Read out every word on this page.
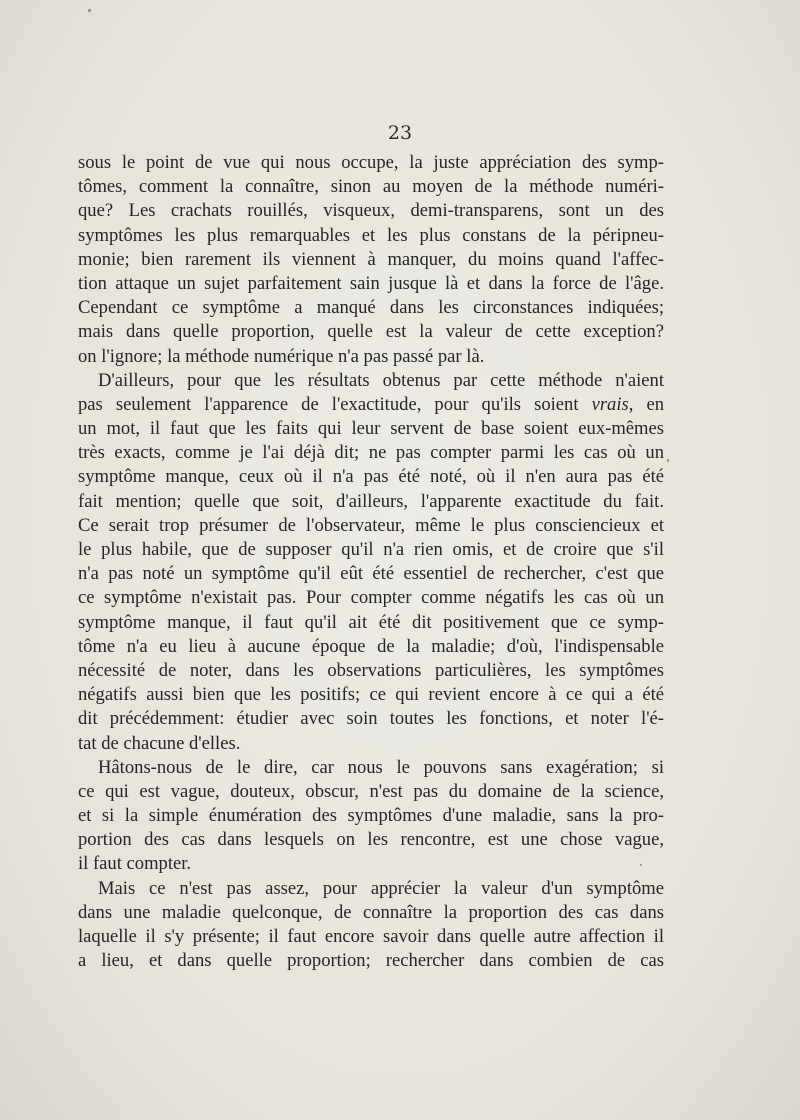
23
sous le point de vue qui nous occupe, la juste appréciation des symp-
tômes, comment la connaître, sinon au moyen de la méthode numéri-
que? Les crachats rouillés, visqueux, demi-transparens, sont un des
symptômes les plus remarquables et les plus constans de la péripneu-
monie; bien rarement ils viennent à manquer, du moins quand l'affec-
tion attaque un sujet parfaitement sain jusque là et dans la force de l'âge.
Cependant ce symptôme a manqué dans les circonstances indiquées;
mais dans quelle proportion, quelle est la valeur de cette exception?
on l'ignore; la méthode numérique n'a pas passé par là.
D'ailleurs, pour que les résultats obtenus par cette méthode n'aient
pas seulement l'apparence de l'exactitude, pour qu'ils soient vrais, en
un mot, il faut que les faits qui leur servent de base soient eux-mêmes
très exacts, comme je l'ai déjà dit; ne pas compter parmi les cas où un
symptôme manque, ceux où il n'a pas été noté, où il n'en aura pas été
fait mention; quelle que soit, d'ailleurs, l'apparente exactitude du fait.
Ce serait trop présumer de l'observateur, même le plus consciencieux et
le plus habile, que de supposer qu'il n'a rien omis, et de croire que s'il
n'a pas noté un symptôme qu'il eût été essentiel de rechercher, c'est que
ce symptôme n'existait pas. Pour compter comme négatifs les cas où un
symptôme manque, il faut qu'il ait été dit positivement que ce symp-
tôme n'a eu lieu à aucune époque de la maladie; d'où, l'indispensable
nécessité de noter, dans les observations particulières, les symptômes
négatifs aussi bien que les positifs; ce qui revient encore à ce qui a été
dit précédemment: étudier avec soin toutes les fonctions, et noter l'é-
tat de chacune d'elles.
Hâtons-nous de le dire, car nous le pouvons sans exagération; si
ce qui est vague, douteux, obscur, n'est pas du domaine de la science,
et si la simple énumération des symptômes d'une maladie, sans la pro-
portion des cas dans lesquels on les rencontre, est une chose vague,
il faut compter.
Mais ce n'est pas assez, pour apprécier la valeur d'un symptôme
dans une maladie quelconque, de connaître la proportion des cas dans
laquelle il s'y présente; il faut encore savoir dans quelle autre affection il
a lieu, et dans quelle proportion; rechercher dans combien de cas
